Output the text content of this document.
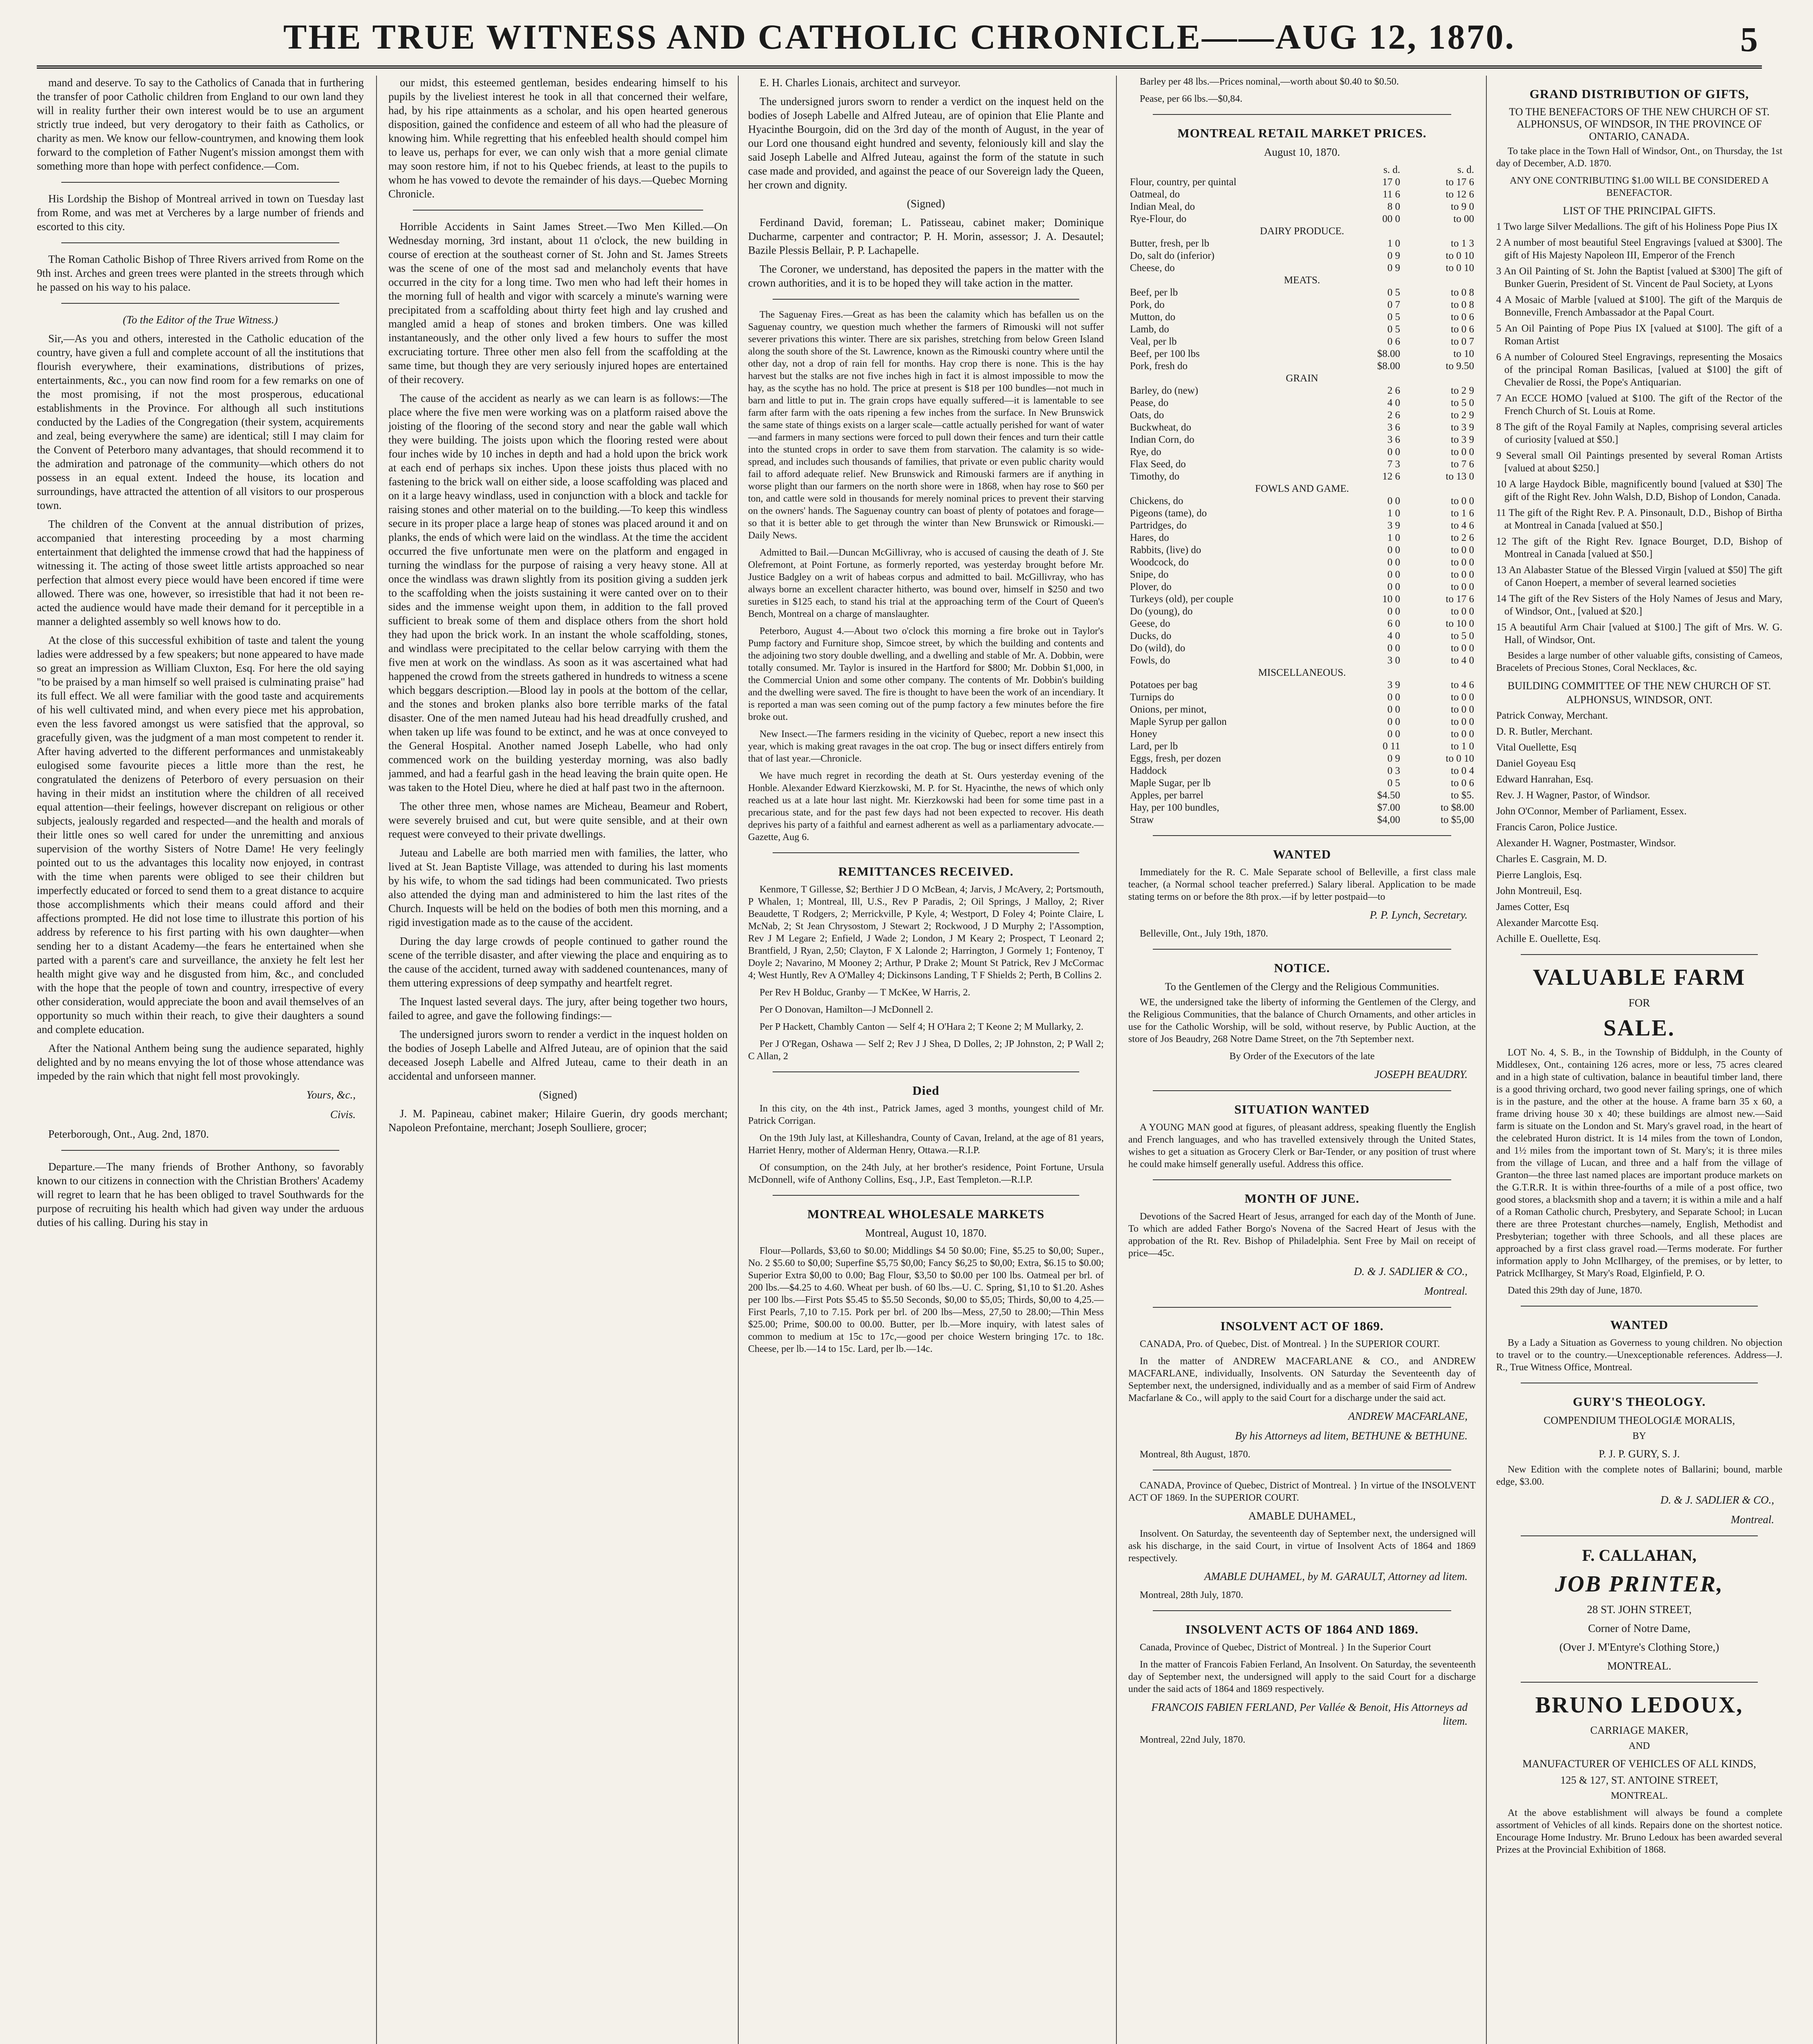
THE TRUE WITNESS AND CATHOLIC CHRONICLE——AUG 12, 1870.	5

mand and deserve. To say to the Catholics of Canada that in furthering the transfer of poor Catholic children from England to our own land they will in reality further their own interest would be to use an argument strictly true indeed, but very derogatory to their faith as Catholics, or charity as men. We know our fellow-countrymen, and knowing them look forward to the completion of Father Nugent's mission amongst them with something more than hope with perfect confidence.—Com.

His Lordship the Bishop of Montreal arrived in town on Tuesday last from Rome, and was met at Vercheres by a large number of friends and escorted to this city.

The Roman Catholic Bishop of Three Rivers arrived from Rome on the 9th inst. Arches and green trees were planted in the streets through which he passed on his way to his palace.

(To the Editor of the True Witness.)

Sir,—As you and others, interested in the Catholic education of the country, have given a full and complete account of all the institutions that flourish everywhere, their examinations, distributions of prizes, entertainments, &c., you can now find room for a few remarks on one of the most promising, if not the most prosperous, educational establishments in the Province. For although all such institutions conducted by the Ladies of the Congregation (their system, acquirements and zeal, being everywhere the same) are identical; still I may claim for the Convent of Peterboro many advantages, that should recommend it to the admiration and patronage of the community—which others do not possess in an equal extent. Indeed the house, its location and surroundings, have attracted the attention of all visitors to our prosperous town.

The children of the Convent at the annual distribution of prizes, accompanied that interesting proceeding by a most charming entertainment that delighted the immense crowd that had the happiness of witnessing it. The acting of those sweet little artists approached so near perfection that almost every piece would have been encored if time were allowed. There was one, however, so irresistible that had it not been re-acted the audience would have made their demand for it perceptible in a manner a delighted assembly so well knows how to do.

At the close of this successful exhibition of taste and talent the young ladies were addressed by a few speakers; but none appeared to have made so great an impression as William Cluxton, Esq. For here the old saying "to be praised by a man himself so well praised is culminating praise" had its full effect. We all were familiar with the good taste and acquirements of his well cultivated mind, and when every piece met his approbation, even the less favored amongst us were satisfied that the approval, so gracefully given, was the judgment of a man most competent to render it. After having adverted to the different performances and unmistakeably eulogised some favourite pieces a little more than the rest, he congratulated the denizens of Peterboro of every persuasion on their having in their midst an institution where the children of all received equal attention—their feelings, however discrepant on religious or other subjects, jealously regarded and respected—and the health and morals of their little ones so well cared for under the unremitting and anxious supervision of the worthy Sisters of Notre Dame! He very feelingly pointed out to us the advantages this locality now enjoyed, in contrast with the time when parents were obliged to see their children but imperfectly educated or forced to send them to a great distance to acquire those accomplishments which their means could afford and their affections prompted. He did not lose time to illustrate this portion of his address by reference to his first parting with his own daughter—when sending her to a distant Academy—the fears he entertained when she parted with a parent's care and surveillance, the anxiety he felt lest her health might give way and he disgusted from him, &c., and concluded with the hope that the people of town and country, irrespective of every other consideration, would appreciate the boon and avail themselves of an opportunity so much within their reach, to give their daughters a sound and complete education.

After the National Anthem being sung the audience separated, highly delighted and by no means envying the lot of those whose attendance was impeded by the rain which that night fell most provokingly.

Yours, &c.,

Civis.

Peterborough, Ont., Aug. 2nd, 1870.

Departure.—The many friends of Brother Anthony, so favorably known to our citizens in connection with the Christian Brothers' Academy will regret to learn that he has been obliged to travel Southwards for the purpose of recruiting his health which had given way under the arduous duties of his calling. During his stay in

our midst, this esteemed gentleman, besides endearing himself to his pupils by the liveliest interest he took in all that concerned their welfare, had, by his ripe attainments as a scholar, and his open hearted generous disposition, gained the confidence and esteem of all who had the pleasure of knowing him. While regretting that his enfeebled health should compel him to leave us, perhaps for ever, we can only wish that a more genial climate may soon restore him, if not to his Quebec friends, at least to the pupils to whom he has vowed to devote the remainder of his days.—Quebec Morning Chronicle.

Horrible Accidents in Saint James Street.—Two Men Killed.—On Wednesday morning, 3rd instant, about 11 o'clock, the new building in course of erection at the southeast corner of St. John and St. James Streets was the scene of one of the most sad and melancholy events that have occurred in the city for a long time. Two men who had left their homes in the morning full of health and vigor with scarcely a minute's warning were precipitated from a scaffolding about thirty feet high and lay crushed and mangled amid a heap of stones and broken timbers. One was killed instantaneously, and the other only lived a few hours to suffer the most excruciating torture. Three other men also fell from the scaffolding at the same time, but though they are very seriously injured hopes are entertained of their recovery.

The cause of the accident as nearly as we can learn is as follows:—The place where the five men were working was on a platform raised above the joisting of the flooring of the second story and near the gable wall which they were building. The joists upon which the flooring rested were about four inches wide by 10 inches in depth and had a hold upon the brick work at each end of perhaps six inches. Upon these joists thus placed with no fastening to the brick wall on either side, a loose scaffolding was placed and on it a large heavy windlass, used in conjunction with a block and tackle for raising stones and other material on to the building.—To keep this windless secure in its proper place a large heap of stones was placed around it and on planks, the ends of which were laid on the windlass. At the time the accident occurred the five unfortunate men were on the platform and engaged in turning the windlass for the purpose of raising a very heavy stone. All at once the windlass was drawn slightly from its position giving a sudden jerk to the scaffolding when the joists sustaining it were canted over on to their sides and the immense weight upon them, in addition to the fall proved sufficient to break some of them and displace others from the short hold they had upon the brick work. In an instant the whole scaffolding, stones, and windlass were precipitated to the cellar below carrying with them the five men at work on the windlass. As soon as it was ascertained what had happened the crowd from the streets gathered in hundreds to witness a scene which beggars description.—Blood lay in pools at the bottom of the cellar, and the stones and broken planks also bore terrible marks of the fatal disaster. One of the men named Juteau had his head dreadfully crushed, and when taken up life was found to be extinct, and he was at once conveyed to the General Hospital. Another named Joseph Labelle, who had only commenced work on the building yesterday morning, was also badly jammed, and had a fearful gash in the head leaving the brain quite open. He was taken to the Hotel Dieu, where he died at half past two in the afternoon.

The other three men, whose names are Micheau, Beameur and Robert, were severely bruised and cut, but were quite sensible, and at their own request were conveyed to their private dwellings.

Juteau and Labelle are both married men with families, the latter, who lived at St. Jean Baptiste Village, was attended to during his last moments by his wife, to whom the sad tidings had been communicated. Two priests also attended the dying man and administered to him the last rites of the Church. Inquests will be held on the bodies of both men this morning, and a rigid investigation made as to the cause of the accident.

During the day large crowds of people continued to gather round the scene of the terrible disaster, and after viewing the place and enquiring as to the cause of the accident, turned away with saddened countenances, many of them uttering expressions of deep sympathy and heartfelt regret.

The Inquest lasted several days. The jury, after being together two hours, failed to agree, and gave the following findings:—

The undersigned jurors sworn to render a verdict in the inquest holden on the bodies of Joseph Labelle and Alfred Juteau, are of opinion that the said deceased Joseph Labelle and Alfred Juteau, came to their death in an accidental and unforseen manner.

(Signed)

J. M. Papineau, cabinet maker; Hilaire Guerin, dry goods merchant; Napoleon Prefontaine, merchant; Joseph Soulliere, grocer;

E. H. Charles Lionais, architect and surveyor.

The undersigned jurors sworn to render a verdict on the inquest held on the bodies of Joseph Labelle and Alfred Juteau, are of opinion that Elie Plante and Hyacinthe Bourgoin, did on the 3rd day of the month of August, in the year of our Lord one thousand eight hundred and seventy, feloniously kill and slay the said Joseph Labelle and Alfred Juteau, against the form of the statute in such case made and provided, and against the peace of our Sovereign lady the Queen, her crown and dignity.

(Signed)

Ferdinand David, foreman; L. Patisseau, cabinet maker; Dominique Ducharme, carpenter and contractor; P. H. Morin, assessor; J. A. Desautel; Bazile Plessis Bellair, P. P. Lachapelle.

The Coroner, we understand, has deposited the papers in the matter with the crown authorities, and it is to be hoped they will take action in the matter.

The Saguenay Fires.—Great as has been the calamity which has befallen us on the Saguenay country, we question much whether the farmers of Rimouski will not suffer severer privations this winter. There are six parishes, stretching from below Green Island along the south shore of the St. Lawrence, known as the Rimouski country where until the other day, not a drop of rain fell for months. Hay crop there is none. This is the hay harvest but the stalks are not five inches high in fact it is almost impossible to mow the hay, as the scythe has no hold. The price at present is $18 per 100 bundles—not much in barn and little to put in. The grain crops have equally suffered—it is lamentable to see farm after farm with the oats ripening a few inches from the surface. In New Brunswick the same state of things exists on a larger scale—cattle actually perished for want of water—and farmers in many sections were forced to pull down their fences and turn their cattle into the stunted crops in order to save them from starvation. The calamity is so wide-spread, and includes such thousands of families, that private or even public charity would fail to afford adequate relief. New Brunswick and Rimouski farmers are if anything in worse plight than our farmers on the north shore were in 1868, when hay rose to $60 per ton, and cattle were sold in thousands for merely nominal prices to prevent their starving on the owners' hands. The Saguenay country can boast of plenty of potatoes and forage—so that it is better able to get through the winter than New Brunswick or Rimouski.—Daily News.

Admitted to Bail.—Duncan McGillivray, who is accused of causing the death of J. Ste Olefremont, at Point Fortune, as formerly reported, was yesterday brought before Mr. Justice Badgley on a writ of habeas corpus and admitted to bail. McGillivray, who has always borne an excellent character hitherto, was bound over, himself in $250 and two sureties in $125 each, to stand his trial at the approaching term of the Court of Queen's Bench, Montreal on a charge of manslaughter.

Peterboro, August 4.—About two o'clock this morning a fire broke out in Taylor's Pump factory and Furniture shop, Simcoe street, by which the building and contents and the adjoining two story double dwelling, and a dwelling and stable of Mr. A. Dobbin, were totally consumed. Mr. Taylor is insured in the Hartford for $800; Mr. Dobbin $1,000, in the Commercial Union and some other company. The contents of Mr. Dobbin's building and the dwelling were saved. The fire is thought to have been the work of an incendiary. It is reported a man was seen coming out of the pump factory a few minutes before the fire broke out.

New Insect.—The farmers residing in the vicinity of Quebec, report a new insect this year, which is making great ravages in the oat crop. The bug or insect differs entirely from that of last year.—Chronicle.

We have much regret in recording the death at St. Ours yesterday evening of the Honble. Alexander Edward Kierzkowski, M. P. for St. Hyacinthe, the news of which only reached us at a late hour last night. Mr. Kierzkowski had been for some time past in a precarious state, and for the past few days had not been expected to recover. His death deprives his party of a faithful and earnest adherent as well as a parliamentary advocate.—Gazette, Aug 6.

REMITTANCES RECEIVED.

Kenmore, T Gillesse, $2; Berthier J D O McBean, 4; Jarvis, J McAvery, 2; Portsmouth, P Whalen, 1; Montreal, Ill, U.S., Rev P Paradis, 2; Oil Springs, J Malloy, 2; River Beaudette, T Rodgers, 2; Merrickville, P Kyle, 4; Westport, D Foley 4; Pointe Claire, L McNab, 2; St Jean Chrysostom, J Stewart 2; Rockwood, J D Murphy 2; l'Assomption, Rev J M Legare 2; Enfield, J Wade 2; London, J M Keary 2; Prospect, T Leonard 2; Brantfield, J Ryan, 2,50; Clayton, F X Lalonde 2; Harrington, J Gormely 1; Fontenoy, T Doyle 2; Navarino, M Mooney 2; Arthur, P Drake 2; Mount St Patrick, Rev J McCormac 4; West Huntly, Rev A O'Malley 4; Dickinsons Landing, T F Shields 2; Perth, B Collins 2.

Per Rev H Bolduc, Granby — T McKee, W Harris, 2.

Per O Donovan, Hamilton—J McDonnell 2.

Per P Hackett, Chambly Canton — Self 4; H O'Hara 2; T Keone 2; M Mullarky, 2.

Per J O'Regan, Oshawa — Self 2; Rev J J Shea, D Dolles, 2; JP Johnston, 2; P Wall 2; C Allan, 2

Died

In this city, on the 4th inst., Patrick James, aged 3 months, youngest child of Mr. Patrick Corrigan.

On the 19th July last, at Killeshandra, County of Cavan, Ireland, at the age of 81 years, Harriet Henry, mother of Alderman Henry, Ottawa.—R.I.P.

Of consumption, on the 24th July, at her brother's residence, Point Fortune, Ursula McDonnell, wife of Anthony Collins, Esq., J.P., East Templeton.—R.I.P.

MONTREAL WHOLESALE MARKETS

Montreal, August 10, 1870.

Flour—Pollards, $3,60 to $0.00; Middlings $4 50 $0.00; Fine, $5.25 to $0,00; Super., No. 2 $5.60 to $0,00; Superfine $5,75 $0,00; Fancy $6,25 to $0,00; Extra, $6.15 to $0.00; Superior Extra $0,00 to 0.00; Bag Flour, $3,50 to $0.00 per 100 lbs. Oatmeal per brl. of 200 lbs.—$4.25 to 4.60. Wheat per bush. of 60 lbs.—U. C. Spring, $1,10 to $1.20. Ashes per 100 lbs.—First Pots $5.45 to $5.50 Seconds, $0,00 to $5,05; Thirds, $0,00 to 4,25.—First Pearls, 7,10 to 7.15. Pork per brl. of 200 lbs—Mess, 27,50 to 28.00;—Thin Mess $25.00; Prime, $00.00 to 00.00. Butter, per lb.—More inquiry, with latest sales of common to medium at 15c to 17c,—good per choice Western bringing 17c. to 18c. Cheese, per lb.—14 to 15c. Lard, per lb.—14c.

Barley per 48 lbs.—Prices nominal,—worth about $0.40 to $0.50.

Pease, per 66 lbs.—$0,84.

MONTREAL RETAIL MARKET PRICES.

August 10, 1870.

	s. d.	s. d.
Flour, country, per quintal	17 0	to 17 6
Oatmeal, do	11 6	to 12 6
Indian Meal, do	8 0	to 9 0
Rye-Flour, do	00 0	to 00
DAIRY PRODUCE.		
Butter, fresh, per lb	1 0	to 1 3
Do, salt do (inferior)	0 9	to 0 10
Cheese, do	0 9	to 0 10
MEATS.		
Beef, per lb	0 5	to 0 8
Pork, do	0 7	to 0 8
Mutton, do	0 5	to 0 6
Lamb, do	0 5	to 0 6
Veal, per lb	0 6	to 0 7
Beef, per 100 lbs	$8.00	to 10
Pork, fresh do	$8.00	to 9.50
GRAIN		
Barley, do (new)	2 6	to 2 9
Pease, do	4 0	to 5 0
Oats, do	2 6	to 2 9
Buckwheat, do	3 6	to 3 9
Indian Corn, do	3 6	to 3 9
Rye, do	0 0	to 0 0
Flax Seed, do	7 3	to 7 6
Timothy, do	12 6	to 13 0
FOWLS AND GAME.		
Chickens, do	0 0	to 0 0
Pigeons (tame), do	1 0	to 1 6
Partridges, do	3 9	to 4 6
Hares, do	1 0	to 2 6
Rabbits, (live) do	0 0	to 0 0
Woodcock, do	0 0	to 0 0
Snipe, do	0 0	to 0 0
Plover, do	0 0	to 0 0
Turkeys (old), per couple	10 0	to 17 6
Do (young), do	0 0	to 0 0
Geese, do	6 0	to 10 0
Ducks, do	4 0	to 5 0
Do (wild), do	0 0	to 0 0
Fowls, do	3 0	to 4 0
MISCELLANEOUS.		
Potatoes per bag	3 9	to 4 6
Turnips do	0 0	to 0 0
Onions, per minot,	0 0	to 0 0
Maple Syrup per gallon	0 0	to 0 0
Honey	0 0	to 0 0
Lard, per lb	0 11	to 1 0
Eggs, fresh, per dozen	0 9	to 0 10
Haddock	0 3	to 0 4
Maple Sugar, per lb	0 5	to 0 6
Apples, per barrel	$4.50	to $5.
Hay, per 100 bundles,	$7.00	to $8.00
Straw	$4,00	to $5,00

WANTED

Immediately for the R. C. Male Separate school of Belleville, a first class male teacher, (a Normal school teacher preferred.) Salary liberal. Application to be made stating terms on or before the 8th prox.—if by letter postpaid—to

P. P. Lynch, Secretary.

Belleville, Ont., July 19th, 1870.

NOTICE.

To the Gentlemen of the Clergy and the Religious Communities.

WE, the undersigned take the liberty of informing the Gentlemen of the Clergy, and the Religious Communities, that the balance of Church Ornaments, and other articles in use for the Catholic Worship, will be sold, without reserve, by Public Auction, at the store of Jos Beaudry, 268 Notre Dame Street, on the 7th September next.

By Order of the Executors of the late

JOSEPH BEAUDRY.

SITUATION WANTED

A YOUNG MAN good at figures, of pleasant address, speaking fluently the English and French languages, and who has travelled extensively through the United States, wishes to get a situation as Grocery Clerk or Bar-Tender, or any position of trust where he could make himself generally useful. Address this office.

MONTH OF JUNE.

Devotions of the Sacred Heart of Jesus, arranged for each day of the Month of June. To which are added Father Borgo's Novena of the Sacred Heart of Jesus with the approbation of the Rt. Rev. Bishop of Philadelphia. Sent Free by Mail on receipt of price—45c.

D. & J. SADLIER & CO.,

Montreal.

INSOLVENT ACT OF 1869.

CANADA, Pro. of Quebec, Dist. of Montreal. } In the SUPERIOR COURT.

In the matter of ANDREW MACFARLANE & CO., and ANDREW MACFARLANE, individually, Insolvents. ON Saturday the Seventeenth day of September next, the undersigned, individually and as a member of said Firm of Andrew Macfarlane & Co., will apply to the said Court for a discharge under the said act.

ANDREW MACFARLANE,

By his Attorneys ad litem, BETHUNE & BETHUNE.

Montreal, 8th August, 1870.

CANADA, Province of Quebec, District of Montreal. } In virtue of the INSOLVENT ACT OF 1869. In the SUPERIOR COURT.

AMABLE DUHAMEL,

Insolvent. On Saturday, the seventeenth day of September next, the undersigned will ask his discharge, in the said Court, in virtue of Insolvent Acts of 1864 and 1869 respectively.

AMABLE DUHAMEL, by M. GARAULT, Attorney ad litem.

Montreal, 28th July, 1870.

INSOLVENT ACTS OF 1864 AND 1869.

Canada, Province of Quebec, District of Montreal. } In the Superior Court

In the matter of Francois Fabien Ferland, An Insolvent. On Saturday, the seventeenth day of September next, the undersigned will apply to the said Court for a discharge under the said acts of 1864 and 1869 respectively.

FRANCOIS FABIEN FERLAND, Per Vallée & Benoit, His Attorneys ad litem.

Montreal, 22nd July, 1870.

GRAND DISTRIBUTION OF GIFTS,

TO THE BENEFACTORS OF THE NEW CHURCH OF ST. ALPHONSUS, OF WINDSOR, IN THE PROVINCE OF ONTARIO, CANADA.

To take place in the Town Hall of Windsor, Ont., on Thursday, the 1st day of December, A.D. 1870.

ANY ONE CONTRIBUTING $1.00 WILL BE CONSIDERED A BENEFACTOR.

LIST OF THE PRINCIPAL GIFTS.

1 Two large Silver Medallions. The gift of his Holiness Pope Pius IX
2 A number of most beautiful Steel Engravings [valued at $300]. The gift of His Majesty Napoleon III, Emperor of the French
3 An Oil Painting of St. John the Baptist [valued at $300] The gift of Bunker Guerin, President of St. Vincent de Paul Society, at Lyons
4 A Mosaic of Marble [valued at $100]. The gift of the Marquis de Bonneville, French Ambassador at the Papal Court.
5 An Oil Painting of Pope Pius IX [valued at $100]. The gift of a Roman Artist
6 A number of Coloured Steel Engravings, representing the Mosaics of the principal Roman Basilicas, [valued at $100] the gift of Chevalier de Rossi, the Pope's Antiquarian.
7 An ECCE HOMO [valued at $100. The gift of the Rector of the French Church of St. Louis at Rome.
8 The gift of the Royal Family at Naples, comprising several articles of curiosity [valued at $50.]
9 Several small Oil Paintings presented by several Roman Artists [valued at about $250.]
10 A large Haydock Bible, magnificently bound [valued at $30] The gift of the Right Rev. John Walsh, D.D, Bishop of London, Canada.
11 The gift of the Right Rev. P. A. Pinsonault, D.D., Bishop of Birtha at Montreal in Canada [valued at $50.]
12 The gift of the Right Rev. Ignace Bourget, D.D, Bishop of Montreal in Canada [valued at $50.]
13 An Alabaster Statue of the Blessed Virgin [valued at $50] The gift of Canon Hoepert, a member of several learned societies
14 The gift of the Rev Sisters of the Holy Names of Jesus and Mary, of Windsor, Ont., [valued at $20.]
15 A beautiful Arm Chair [valued at $100.] The gift of Mrs. W. G. Hall, of Windsor, Ont.

Besides a large number of other valuable gifts, consisting of Cameos, Bracelets of Precious Stones, Coral Necklaces, &c.

BUILDING COMMITTEE OF THE NEW CHURCH OF ST. ALPHONSUS, WINDSOR, ONT.

Patrick Conway, Merchant.
D. R. Butler, Merchant.
Vital Ouellette, Esq
Daniel Goyeau Esq
Edward Hanrahan, Esq.
Rev. J. H Wagner, Pastor, of Windsor.
John O'Connor, Member of Parliament, Essex.
Francis Caron, Police Justice.
Alexander H. Wagner, Postmaster, Windsor.
Charles E. Casgrain, M. D.
Pierre Langlois, Esq.
John Montreuil, Esq.
James Cotter, Esq
Alexander Marcotte Esq.
Achille E. Ouellette, Esq.

VALUABLE FARM

FOR

SALE.

LOT No. 4, S. B., in the Township of Biddulph, in the County of Middlesex, Ont., containing 126 acres, more or less, 75 acres cleared and in a high state of cultivation, balance in beautiful timber land, there is a good thriving orchard, two good never failing springs, one of which is in the pasture, and the other at the house. A frame barn 35 x 60, a frame driving house 30 x 40; these buildings are almost new.—Said farm is situate on the London and St. Mary's gravel road, in the heart of the celebrated Huron district. It is 14 miles from the town of London, and 1½ miles from the important town of St. Mary's; it is three miles from the village of Lucan, and three and a half from the village of Granton—the three last named places are important produce markets on the G.T.R.R. It is within three-fourths of a mile of a post office, two good stores, a blacksmith shop and a tavern; it is within a mile and a half of a Roman Catholic church, Presbytery, and Separate School; in Lucan there are three Protestant churches—namely, English, Methodist and Presbyterian; together with three Schools, and all these places are approached by a first class gravel road.—Terms moderate. For further information apply to John McIlhargey, of the premises, or by letter, to Patrick McIlhargey, St Mary's Road, Elginfield, P. O.

Dated this 29th day of June, 1870.

WANTED

By a Lady a Situation as Governess to young children. No objection to travel or to the country.—Unexceptionable references. Address—J. R., True Witness Office, Montreal.

GURY'S THEOLOGY.

COMPENDIUM THEOLOGIÆ MORALIS,

BY

P. J. P. GURY, S. J.

New Edition with the complete notes of Ballarini; bound, marble edge, $3.00.

D. & J. SADLIER & CO.,

Montreal.

F. CALLAHAN,

JOB PRINTER,

28 ST. JOHN STREET,

Corner of Notre Dame,

(Over J. M'Entyre's Clothing Store,)

MONTREAL.

BRUNO LEDOUX,

CARRIAGE MAKER,

AND

MANUFACTURER OF VEHICLES OF ALL KINDS,

125 & 127, ST. ANTOINE STREET,

MONTREAL.

At the above establishment will always be found a complete assortment of Vehicles of all kinds. Repairs done on the shortest notice. Encourage Home Industry. Mr. Bruno Ledoux has been awarded several Prizes at the Provincial Exhibition of 1868.
